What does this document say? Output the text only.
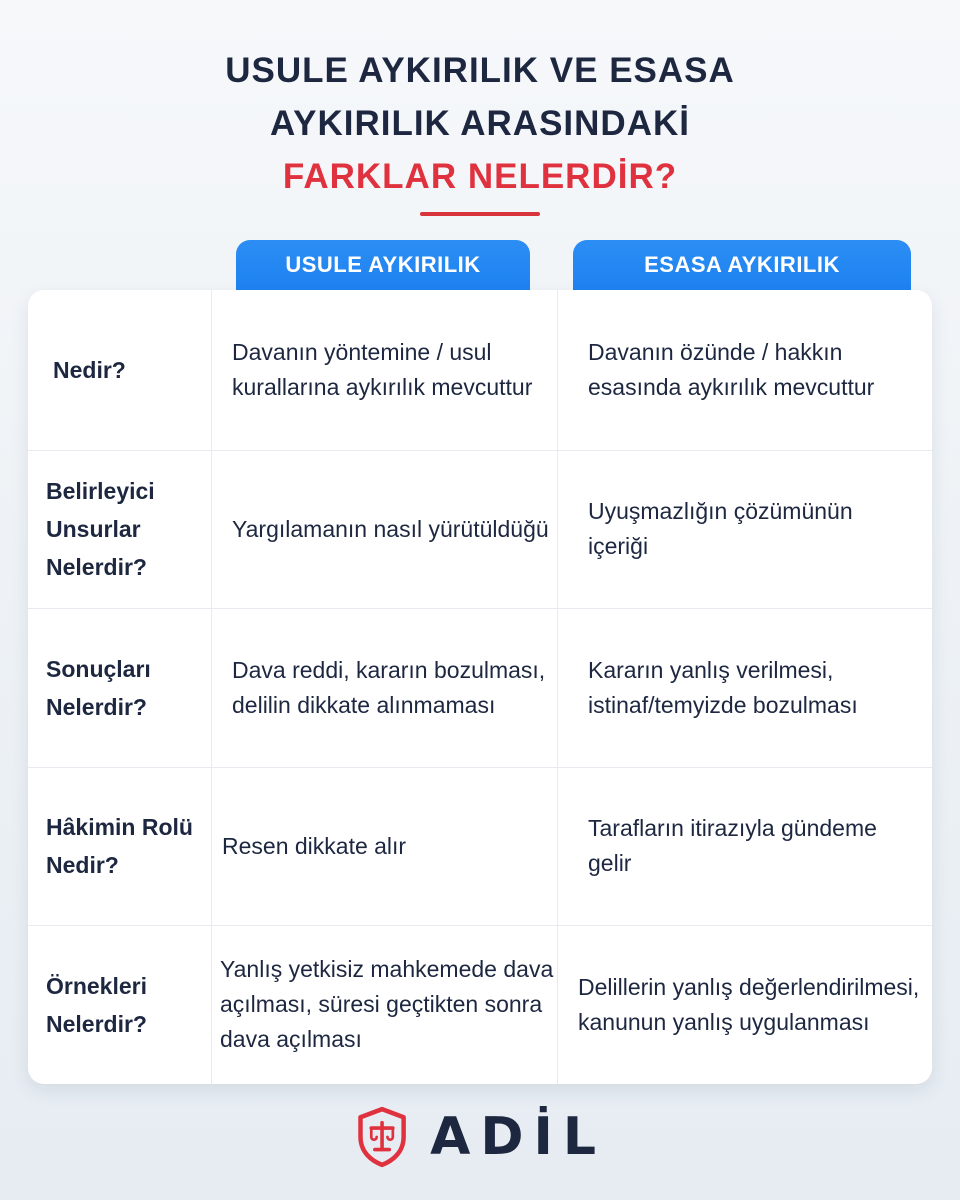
USULE AYKIRILIK VE ESASA
AYKIRILIK ARASINDAKİ
FARKLAR NELERDİR?
USULE AYKIRILIK	ESASA AYKIRILIK
Nedir?
Davanın yöntemine / usul kurallarına aykırılık mevcuttur
Davanın özünde / hakkın esasında aykırılık mevcuttur
Belirleyici Unsurlar Nelerdir?
Yargılamanın nasıl yürütüldüğü
Uyuşmazlığın çözümünün içeriği
Sonuçları Nelerdir?
Dava reddi, kararın bozulması, delilin dikkate alınmaması
Kararın yanlış verilmesi, istinaf/temyizde bozulması
Hâkimin Rolü Nedir?
Resen dikkate alır
Tarafların itirazıyla gündeme gelir
Örnekleri Nelerdir?
Yanlış yetkisiz mahkemede dava açılması, süresi geçtikten sonra dava açılması
Delillerin yanlış değerlendirilmesi, kanunun yanlış uygulanması
ADİL
